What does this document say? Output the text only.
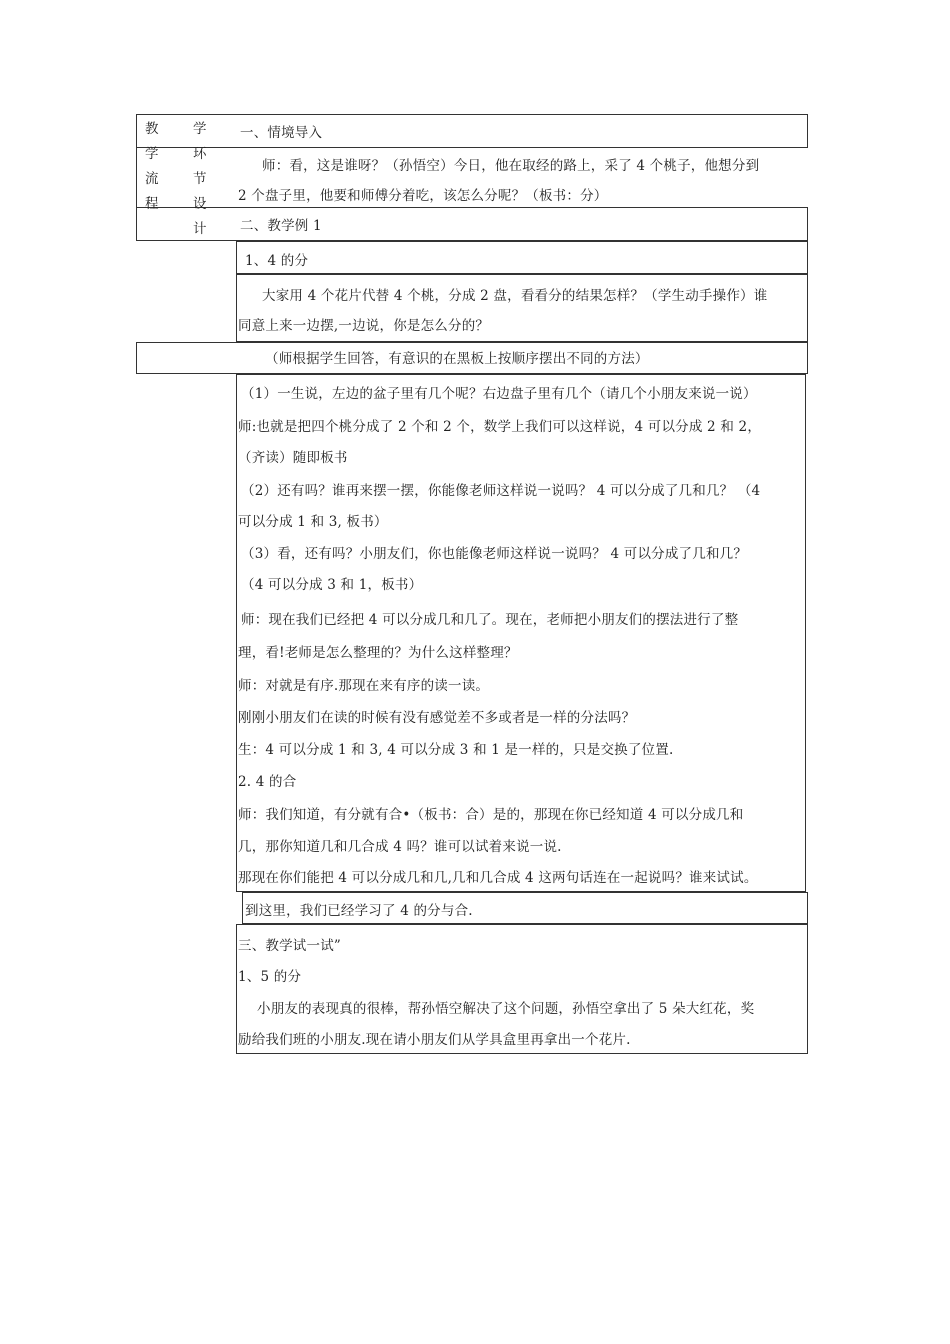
教
学
流
程
学
环
节
设
计
一、情境导入
师：看，这是谁呀？（孙悟空）今日，他在取经的路上，采了 4 个桃子，他想分到
2 个盘子里，他要和师傅分着吃，该怎么分呢？（板书：分）
二、教学例 1
1、4 的分
大家用 4 个花片代替 4 个桃，分成 2 盘，看看分的结果怎样？（学生动手操作）谁
同意上来一边摆,一边说，你是怎么分的？
（师根据学生回答，有意识的在黑板上按顺序摆出不同的方法）
（1）一生说，左边的盆子里有几个呢？右边盘子里有几个（请几个小朋友来说一说）
师:也就是把四个桃分成了 2 个和 2 个，数学上我们可以这样说，4 可以分成 2 和 2，
（齐读）随即板书
（2）还有吗？谁再来摆一摆，你能像老师这样说一说吗？ 4 可以分成了几和几？ （4
可以分成 1 和 3, 板书）
（3）看，还有吗？小朋友们，你也能像老师这样说一说吗？ 4 可以分成了几和几？
（4 可以分成 3 和 1，板书）
师：现在我们已经把 4 可以分成几和几了。现在，老师把小朋友们的摆法进行了整
理，看!老师是怎么整理的？为什么这样整理？
师：对就是有序.那现在来有序的读一读。
刚刚小朋友们在读的时候有没有感觉差不多或者是一样的分法吗？
生：4 可以分成 1 和 3, 4 可以分成 3 和 1 是一样的，只是交换了位置.
2. 4 的合
师：我们知道，有分就有合•（板书：合）是的，那现在你已经知道 4 可以分成几和
几，那你知道几和几合成 4 吗？谁可以试着来说一说.
那现在你们能把 4 可以分成几和几,几和几合成 4 这两句话连在一起说吗？谁来试试。
到这里，我们已经学习了 4 的分与合.
三、教学试一试”
1、5 的分
小朋友的表现真的很棒，帮孙悟空解决了这个问题，孙悟空拿出了 5 朵大红花，奖
励给我们班的小朋友.现在请小朋友们从学具盒里再拿出一个花片.
